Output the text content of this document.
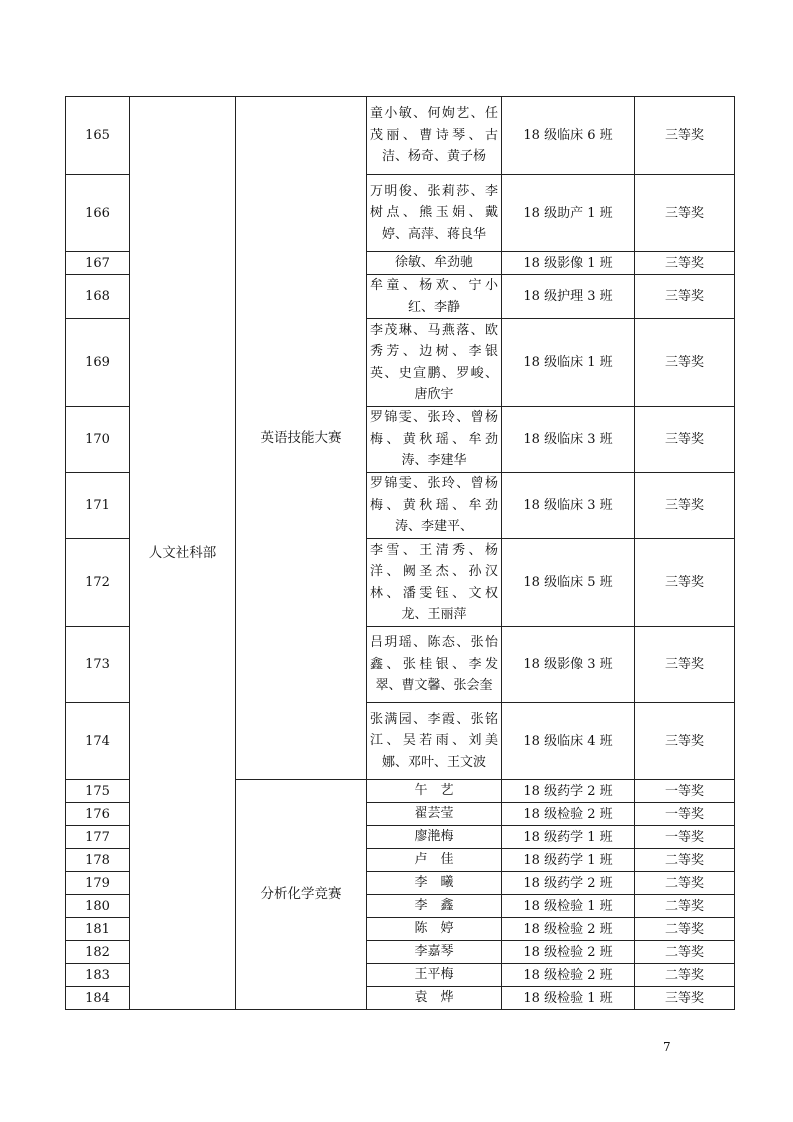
165	人文社科部	英语技能大赛	童小敏、何姁艺、任茂丽、曹诗琴、古洁、杨奇、黄子杨	18 级临床 6 班	三等奖
166			万明俊、张莉莎、李树点、熊玉娟、戴婷、高萍、蒋良华	18 级助产 1 班	三等奖
167			徐敏、牟劲驰	18 级影像 1 班	三等奖
168			牟童、杨欢、宁小红、李静	18 级护理 3 班	三等奖
169			李茂琳、马燕落、欧秀芳、边树、李银英、史宣鹏、罗峻、唐欣宇	18 级临床 1 班	三等奖
170			罗锦雯、张玲、曾杨梅、黄秋瑶、牟劲涛、李建华	18 级临床 3 班	三等奖
171			罗锦雯、张玲、曾杨梅、黄秋瑶、牟劲涛、李建平、	18 级临床 3 班	三等奖
172			李雪、王清秀、杨洋、阙圣杰、孙汉林、潘雯钰、文权龙、王丽萍	18 级临床 5 班	三等奖
173			吕玥瑶、陈态、张怡鑫、张桂银、李发翠、曹文馨、张会奎	18 级影像 3 班	三等奖
174			张满园、李霞、张铭江、吴若雨、刘美娜、邓叶、王文波	18 级临床 4 班	三等奖
175		分析化学竞赛	午　艺	18 级药学 2 班	一等奖
176			翟芸莹	18 级检验 2 班	一等奖
177			廖滟梅	18 级药学 1 班	一等奖
178			卢　佳	18 级药学 1 班	二等奖
179			李　曦	18 级药学 2 班	二等奖
180			李　鑫	18 级检验 1 班	二等奖
181			陈　婷	18 级检验 2 班	二等奖
182			李嘉琴	18 级检验 2 班	二等奖
183			王平梅	18 级检验 2 班	二等奖
184			袁　烨	18 级检验 1 班	三等奖
7
